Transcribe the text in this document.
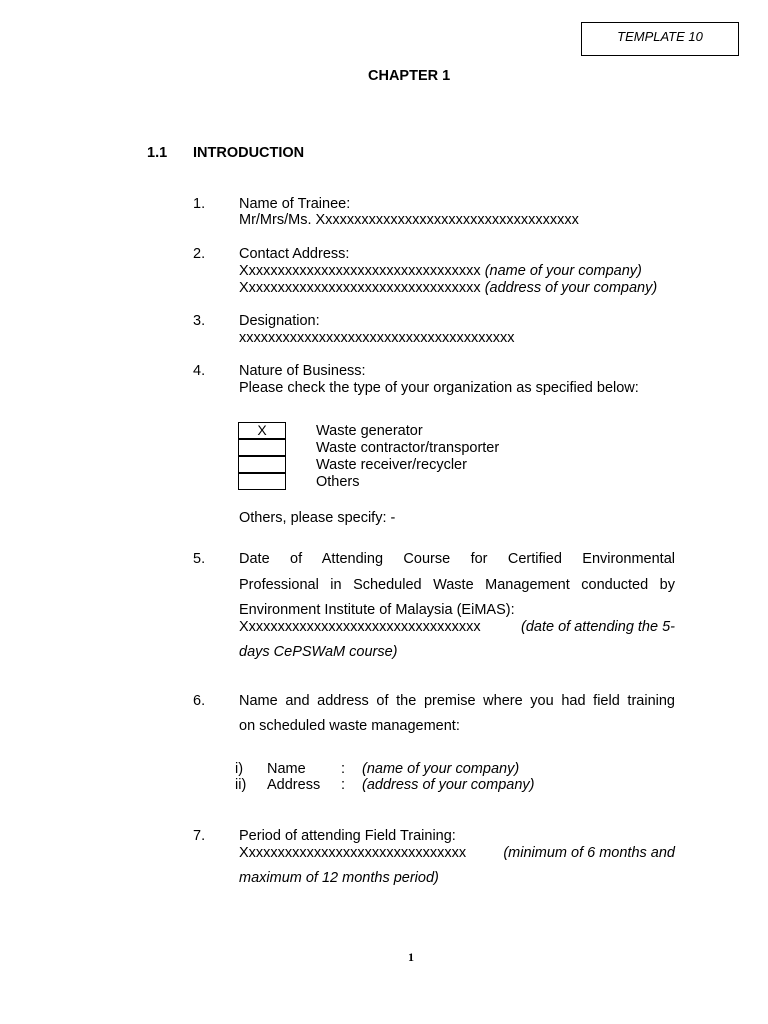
TEMPLATE 10
CHAPTER 1
1.1 INTRODUCTION
1. Name of Trainee:
Mr/Mrs/Ms. Xxxxxxxxxxxxxxxxxxxxxxxxxxxxxxxxxxxx
2. Contact Address:
Xxxxxxxxxxxxxxxxxxxxxxxxxxxxxxxxx (name of your company)
Xxxxxxxxxxxxxxxxxxxxxxxxxxxxxxxxx (address of your company)
3. Designation:
xxxxxxxxxxxxxxxxxxxxxxxxxxxxxxxxxxxxxx
4. Nature of Business:
Please check the type of your organization as specified below:
X	Waste generator
Waste contractor/transporter
Waste receiver/recycler
Others
Others, please specify: -
5. Date of Attending Course for Certified Environmental
Professional in Scheduled Waste Management conducted by
Environment Institute of Malaysia (EiMAS):
Xxxxxxxxxxxxxxxxxxxxxxxxxxxxxxxxx	(date of attending the 5-
days CePSWaM course)
6. Name and address of the premise where you had field training
on scheduled waste management:
i) Name : (name of your company)
ii) Address : (address of your company)
7. Period of attending Field Training:
Xxxxxxxxxxxxxxxxxxxxxxxxxxxxxxx	(minimum of 6 months and
maximum of 12 months period)
1
